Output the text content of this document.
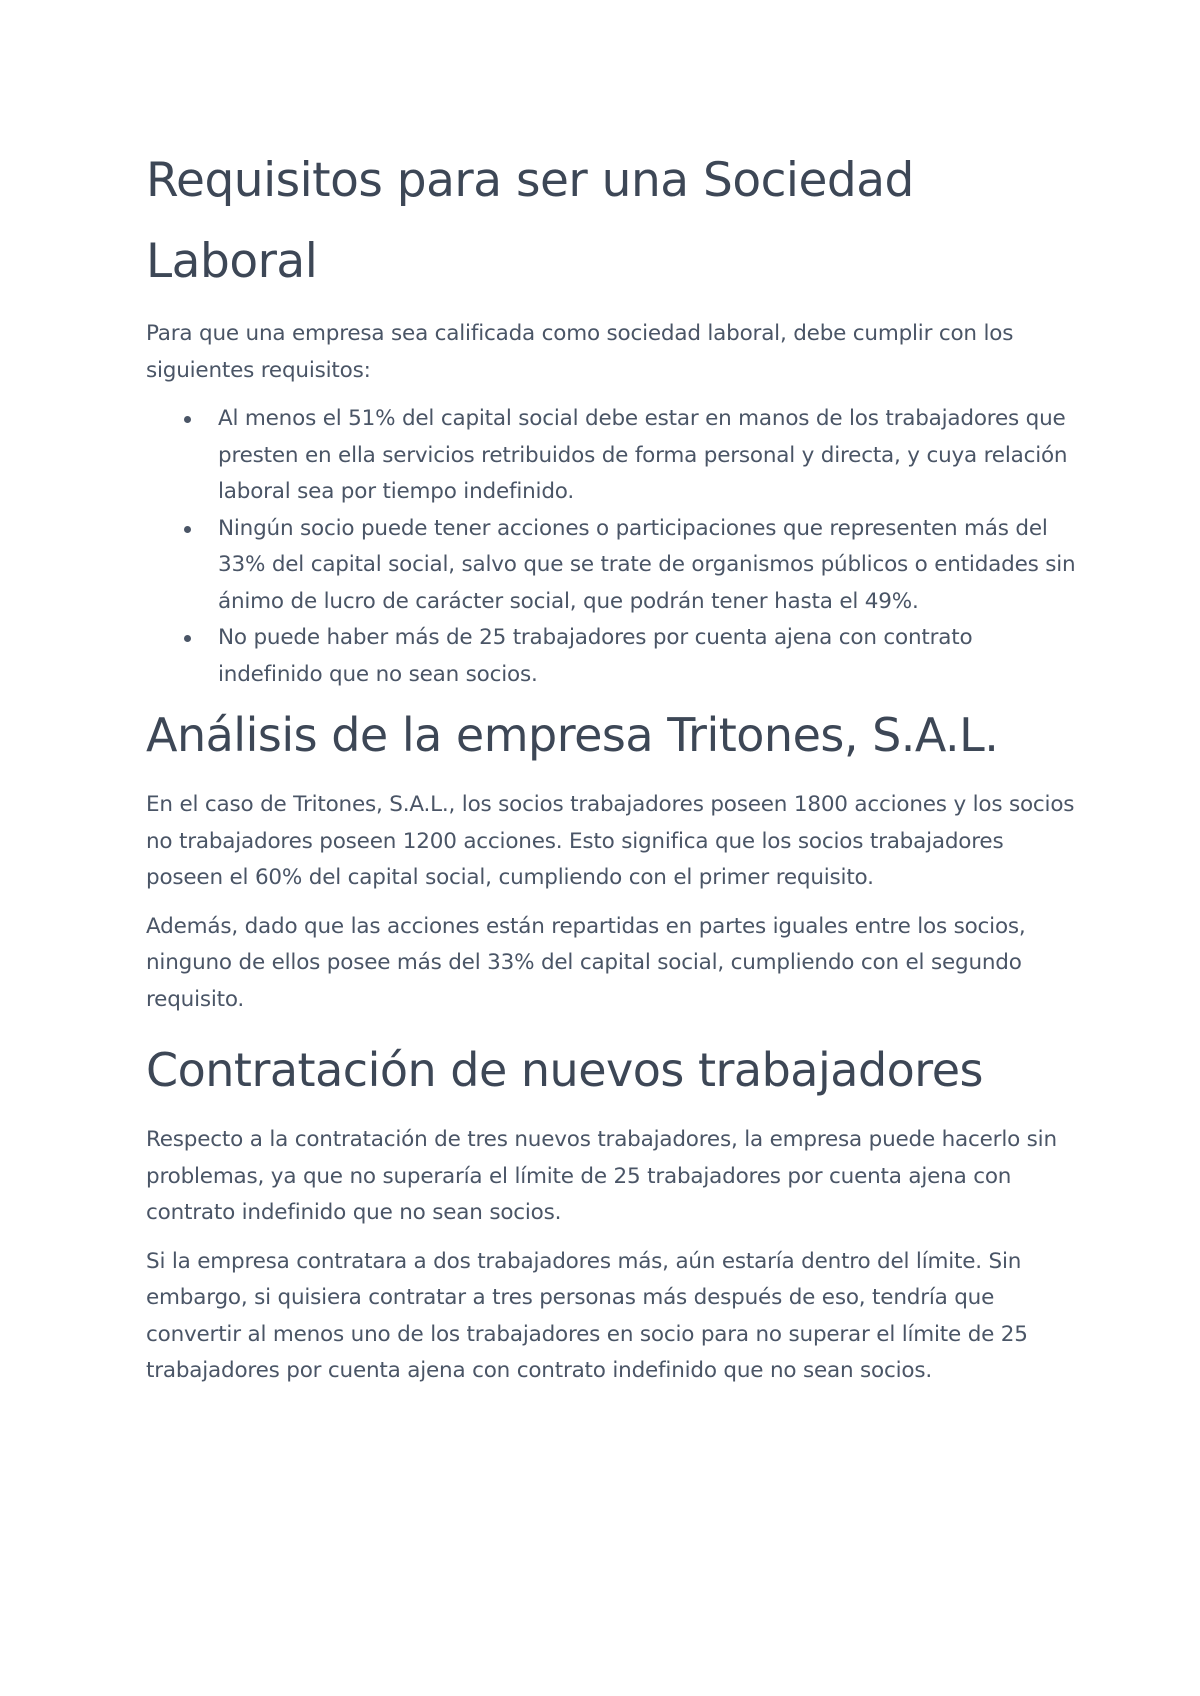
Requisitos para ser una Sociedad Laboral

Para que una empresa sea calificada como sociedad laboral, debe cumplir con los siguientes requisitos:

Al menos el 51% del capital social debe estar en manos de los trabajadores que presten en ella servicios retribuidos de forma personal y directa, y cuya relación laboral sea por tiempo indefinido.
Ningún socio puede tener acciones o participaciones que representen más del 33% del capital social, salvo que se trate de organismos públicos o entidades sin ánimo de lucro de carácter social, que podrán tener hasta el 49%.
No puede haber más de 25 trabajadores por cuenta ajena con contrato indefinido que no sean socios.
Análisis de la empresa Tritones, S.A.L.

En el caso de Tritones, S.A.L., los socios trabajadores poseen 1800 acciones y los socios no trabajadores poseen 1200 acciones. Esto significa que los socios trabajadores poseen el 60% del capital social, cumpliendo con el primer requisito.

Además, dado que las acciones están repartidas en partes iguales entre los socios, ninguno de ellos posee más del 33% del capital social, cumpliendo con el segundo requisito.

Contratación de nuevos trabajadores

Respecto a la contratación de tres nuevos trabajadores, la empresa puede hacerlo sin problemas, ya que no superaría el límite de 25 trabajadores por cuenta ajena con contrato indefinido que no sean socios.

Si la empresa contratara a dos trabajadores más, aún estaría dentro del límite. Sin embargo, si quisiera contratar a tres personas más después de eso, tendría que convertir al menos uno de los trabajadores en socio para no superar el límite de 25 trabajadores por cuenta ajena con contrato indefinido que no sean socios.
